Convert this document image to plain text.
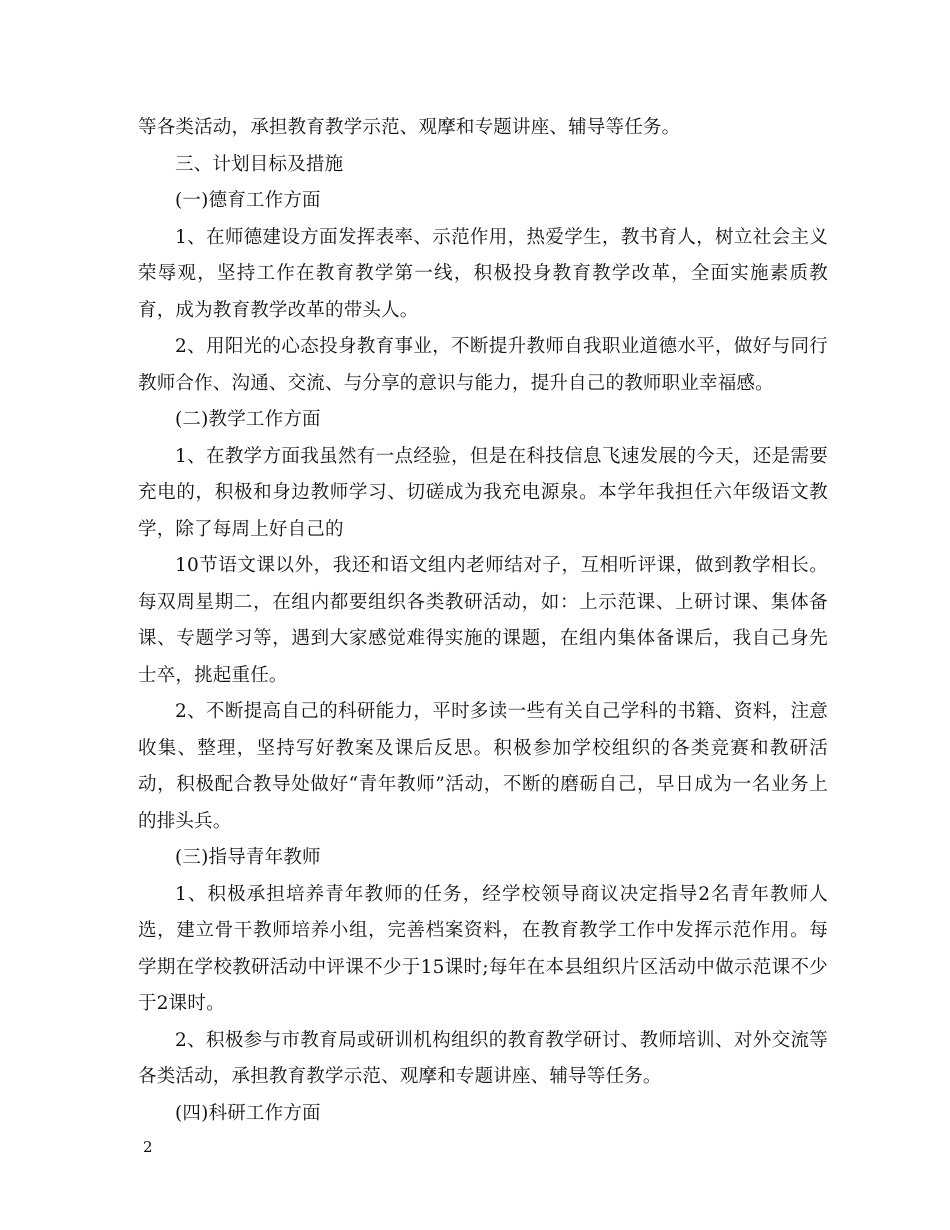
等各类活动，承担教育教学示范、观摩和专题讲座、辅导等任务。

三、计划目标及措施

(一)德育工作方面

1、在师德建设方面发挥表率、示范作用，热爱学生，教书育人，树立社会主义荣辱观，坚持工作在教育教学第一线，积极投身教育教学改革，全面实施素质教育，成为教育教学改革的带头人。

2、用阳光的心态投身教育事业，不断提升教师自我职业道德水平，做好与同行教师合作、沟通、交流、与分享的意识与能力，提升自己的教师职业幸福感。

(二)教学工作方面

1、在教学方面我虽然有一点经验，但是在科技信息飞速发展的今天，还是需要充电的，积极和身边教师学习、切磋成为我充电源泉。本学年我担任六年级语文教学，除了每周上好自己的

10节语文课以外，我还和语文组内老师结对子，互相听评课，做到教学相长。每双周星期二，在组内都要组织各类教研活动，如：上示范课、上研讨课、集体备课、专题学习等，遇到大家感觉难得实施的课题，在组内集体备课后，我自己身先士卒，挑起重任。

2、不断提高自己的科研能力，平时多读一些有关自己学科的书籍、资料，注意收集、整理，坚持写好教案及课后反思。积极参加学校组织的各类竞赛和教研活动，积极配合教导处做好“青年教师”活动，不断的磨砺自己，早日成为一名业务上的排头兵。

(三)指导青年教师

1、积极承担培养青年教师的任务，经学校领导商议决定指导2名青年教师人选，建立骨干教师培养小组，完善档案资料，在教育教学工作中发挥示范作用。每学期在学校教研活动中评课不少于15课时;每年在本县组织片区活动中做示范课不少于2课时。

2、积极参与市教育局或研训机构组织的教育教学研讨、教师培训、对外交流等各类活动，承担教育教学示范、观摩和专题讲座、辅导等任务。

(四)科研工作方面

2
